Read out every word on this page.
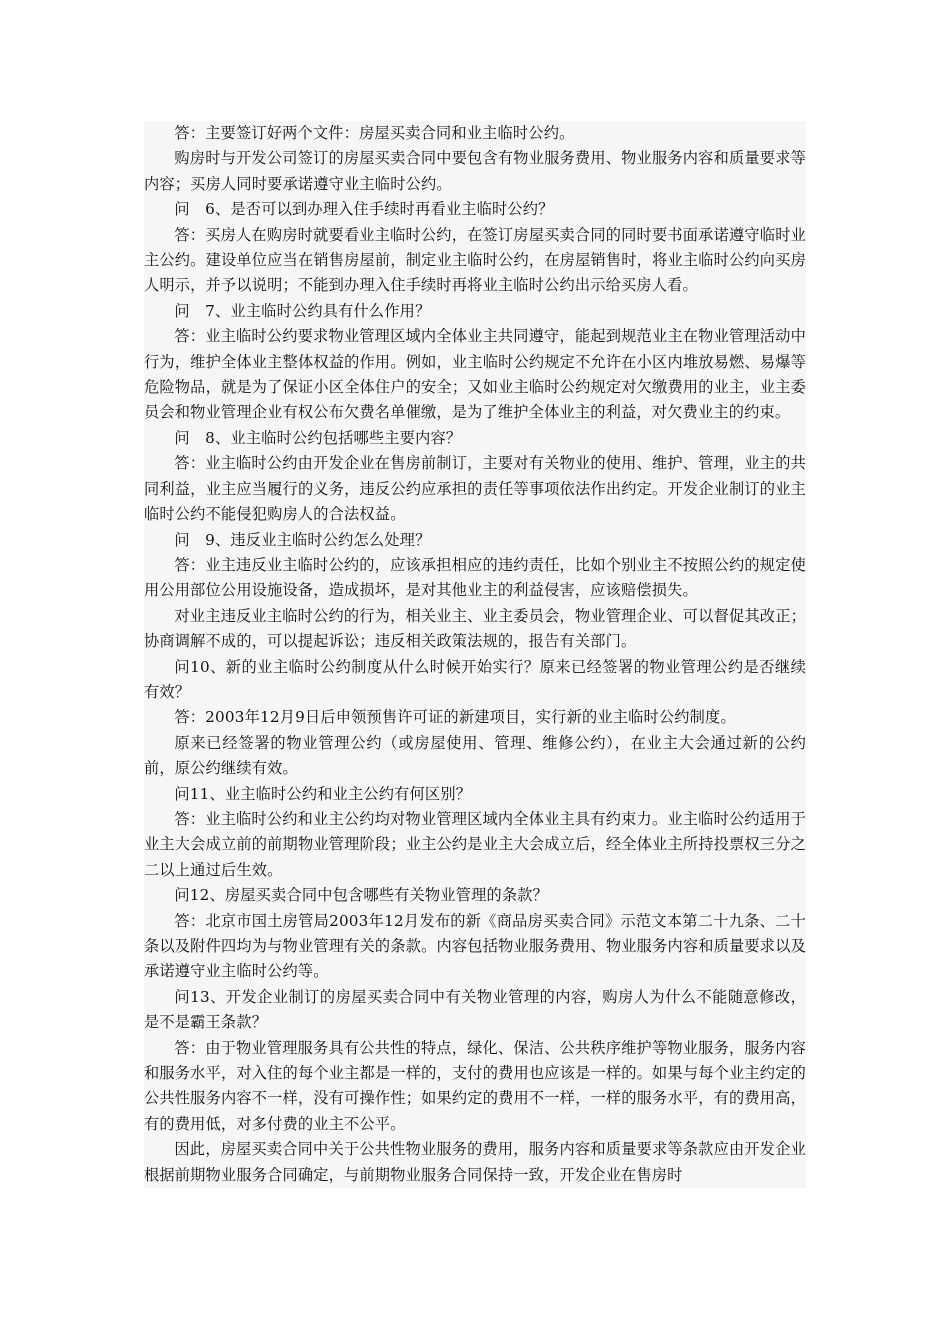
答：主要签订好两个文件：房屋买卖合同和业主临时公约。

购房时与开发公司签订的房屋买卖合同中要包含有物业服务费用、物业服务内容和质量要求等内容；买房人同时要承诺遵守业主临时公约。

问　6、是否可以到办理入住手续时再看业主临时公约？

答：买房人在购房时就要看业主临时公约，在签订房屋买卖合同的同时要书面承诺遵守临时业主公约。建设单位应当在销售房屋前，制定业主临时公约，在房屋销售时，将业主临时公约向买房人明示，并予以说明；不能到办理入住手续时再将业主临时公约出示给买房人看。

问　7、业主临时公约具有什么作用？

答：业主临时公约要求物业管理区域内全体业主共同遵守，能起到规范业主在物业管理活动中行为，维护全体业主整体权益的作用。例如，业主临时公约规定不允许在小区内堆放易燃、易爆等危险物品，就是为了保证小区全体住户的安全；又如业主临时公约规定对欠缴费用的业主，业主委员会和物业管理企业有权公布欠费名单催缴，是为了维护全体业主的利益，对欠费业主的约束。

问　8、业主临时公约包括哪些主要内容？

答：业主临时公约由开发企业在售房前制订，主要对有关物业的使用、维护、管理，业主的共同利益，业主应当履行的义务，违反公约应承担的责任等事项依法作出约定。开发企业制订的业主临时公约不能侵犯购房人的合法权益。

问　9、违反业主临时公约怎么处理？

答：业主违反业主临时公约的，应该承担相应的违约责任，比如个别业主不按照公约的规定使用公用部位公用设施设备，造成损坏，是对其他业主的利益侵害，应该赔偿损失。

对业主违反业主临时公约的行为，相关业主、业主委员会，物业管理企业、可以督促其改正；协商调解不成的，可以提起诉讼；违反相关政策法规的，报告有关部门。

问10、新的业主临时公约制度从什么时候开始实行？原来已经签署的物业管理公约是否继续有效？

答：2003年12月9日后申领预售许可证的新建项目，实行新的业主临时公约制度。

原来已经签署的物业管理公约（或房屋使用、管理、维修公约），在业主大会通过新的公约前，原公约继续有效。

问11、业主临时公约和业主公约有何区别？

答：业主临时公约和业主公约均对物业管理区域内全体业主具有约束力。业主临时公约适用于业主大会成立前的前期物业管理阶段；业主公约是业主大会成立后，经全体业主所持投票权三分之二以上通过后生效。

问12、房屋买卖合同中包含哪些有关物业管理的条款？

答：北京市国土房管局2003年12月发布的新《商品房买卖合同》示范文本第二十九条、二十条以及附件四均为与物业管理有关的条款。内容包括物业服务费用、物业服务内容和质量要求以及承诺遵守业主临时公约等。

问13、开发企业制订的房屋买卖合同中有关物业管理的内容，购房人为什么不能随意修改，是不是霸王条款？

答：由于物业管理服务具有公共性的特点，绿化、保洁、公共秩序维护等物业服务，服务内容和服务水平，对入住的每个业主都是一样的，支付的费用也应该是一样的。如果与每个业主约定的公共性服务内容不一样，没有可操作性；如果约定的费用不一样，一样的服务水平，有的费用高，有的费用低，对多付费的业主不公平。

因此，房屋买卖合同中关于公共性物业服务的费用，服务内容和质量要求等条款应由开发企业根据前期物业服务合同确定，与前期物业服务合同保持一致，开发企业在售房时
